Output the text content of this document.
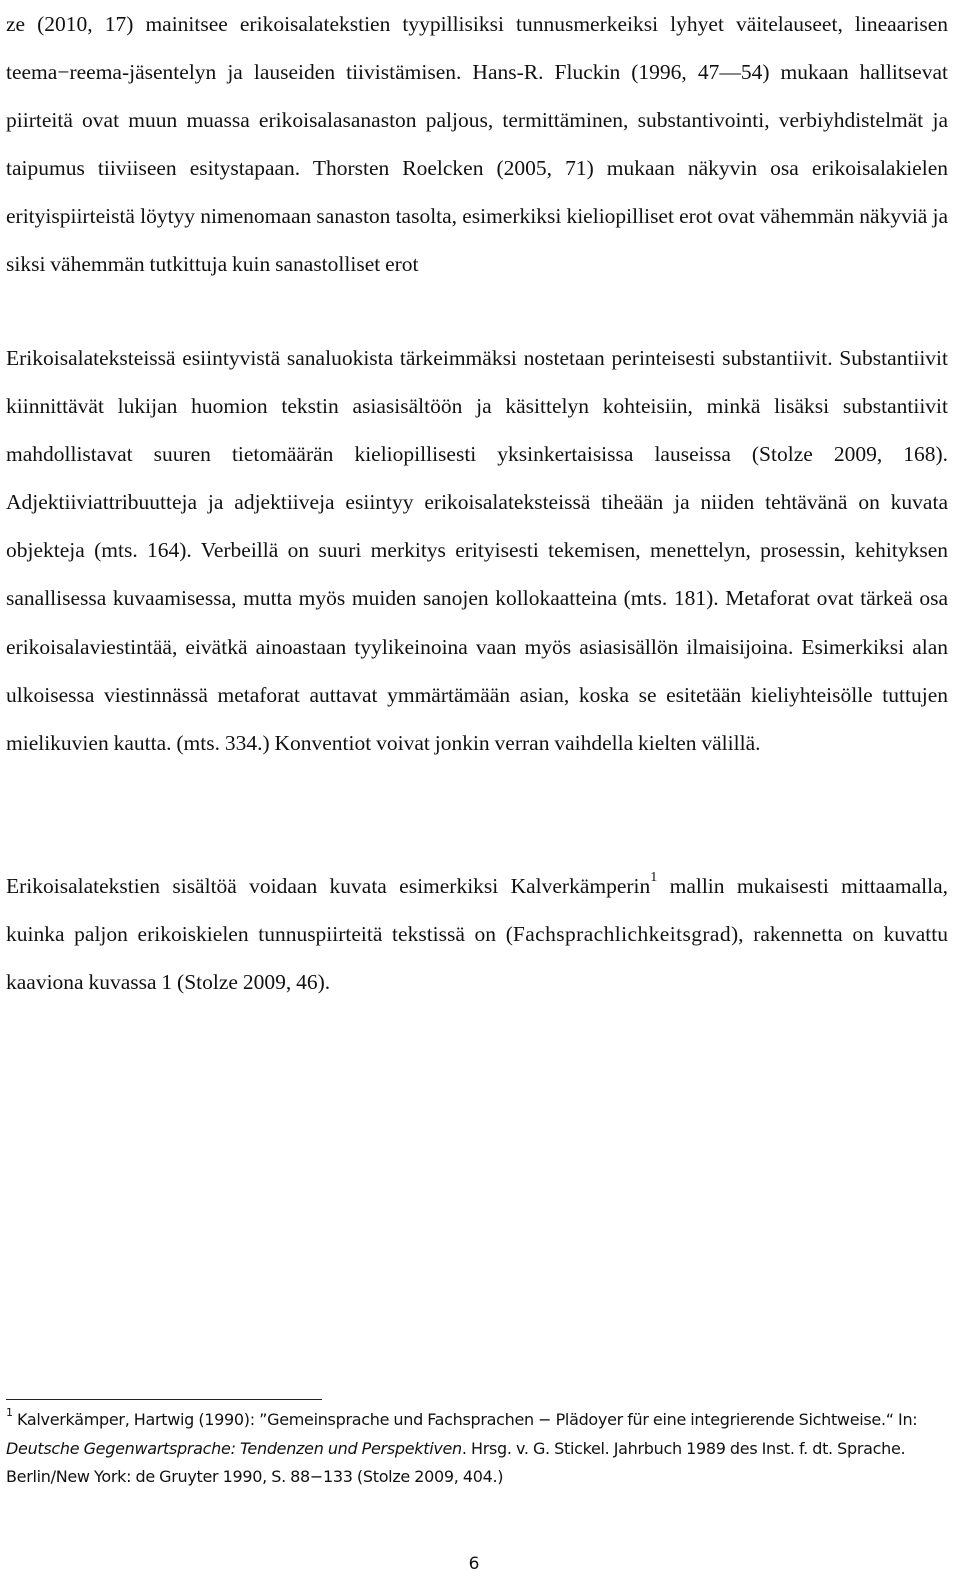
ze (2010, 17) mainitsee erikoisalatekstien tyypillisiksi tunnusmerkeiksi lyhyet väitelauseet, lineaarisen teema−reema-jäsentelyn ja lauseiden tiivistämisen. Hans-R. Fluckin (1996, 47—54) mukaan hallitsevat piirteitä ovat muun muassa erikoisalasanaston paljous, termittäminen, substantivointi, verbiyhdistelmät ja taipumus tiiviiseen esitystapaan. Thorsten Roelcken (2005, 71) mukaan näkyvin osa erikoisalakielen erityispiirteistä löytyy nimenomaan sanaston tasolta, esimerkiksi kieliopilliset erot ovat vähemmän näkyviä ja siksi vähemmän tutkittuja kuin sanastolliset erot

Erikoisalateksteissä esiintyvistä sanaluokista tärkeimmäksi nostetaan perinteisesti substantiivit. Substantiivit kiinnittävät lukijan huomion tekstin asiasisältöön ja käsittelyn kohteisiin, minkä lisäksi substantiivit mahdollistavat suuren tietomäärän kieliopillisesti yksinkertaisissa lauseissa (Stolze 2009, 168). Adjektiiviattribuutteja ja adjektiiveja esiintyy erikoisalateksteissä tiheään ja niiden tehtävänä on kuvata objekteja (mts. 164). Verbeillä on suuri merkitys erityisesti tekemisen, menettelyn, prosessin, kehityksen sanallisessa kuvaamisessa, mutta myös muiden sanojen kollokaatteina (mts. 181). Metaforat ovat tärkeä osa erikoisalaviestintää, eivätkä ainoastaan tyylikeinoina vaan myös asiasisällön ilmaisijoina. Esimerkiksi alan ulkoisessa viestinnässä metaforat auttavat ymmärtämään asian, koska se esitetään kieliyhteisölle tuttujen mielikuvien kautta. (mts. 334.) Konventiot voivat jonkin verran vaihdella kielten välillä.

Erikoisalatekstien sisältöä voidaan kuvata esimerkiksi Kalverkämperin$^1$ mallin mukaisesti mittaamalla, kuinka paljon erikoiskielen tunnuspiirteitä tekstissä on (Fachsprachlichkeitsgrad), rakennetta on kuvattu kaaviona kuvassa 1 (Stolze 2009, 46).

$^1$ Kalverkämper, Hartwig (1990): ”Gemeinsprache und Fachsprachen − Plädoyer für eine integrierende Sichtweise.“ In: Deutsche Gegenwartsprache: Tendenzen und Perspektiven. Hrsg. v. G. Stickel. Jahrbuch 1989 des Inst. f. dt. Sprache. Berlin/New York: de Gruyter 1990, S. 88−133 (Stolze 2009, 404.)

6
